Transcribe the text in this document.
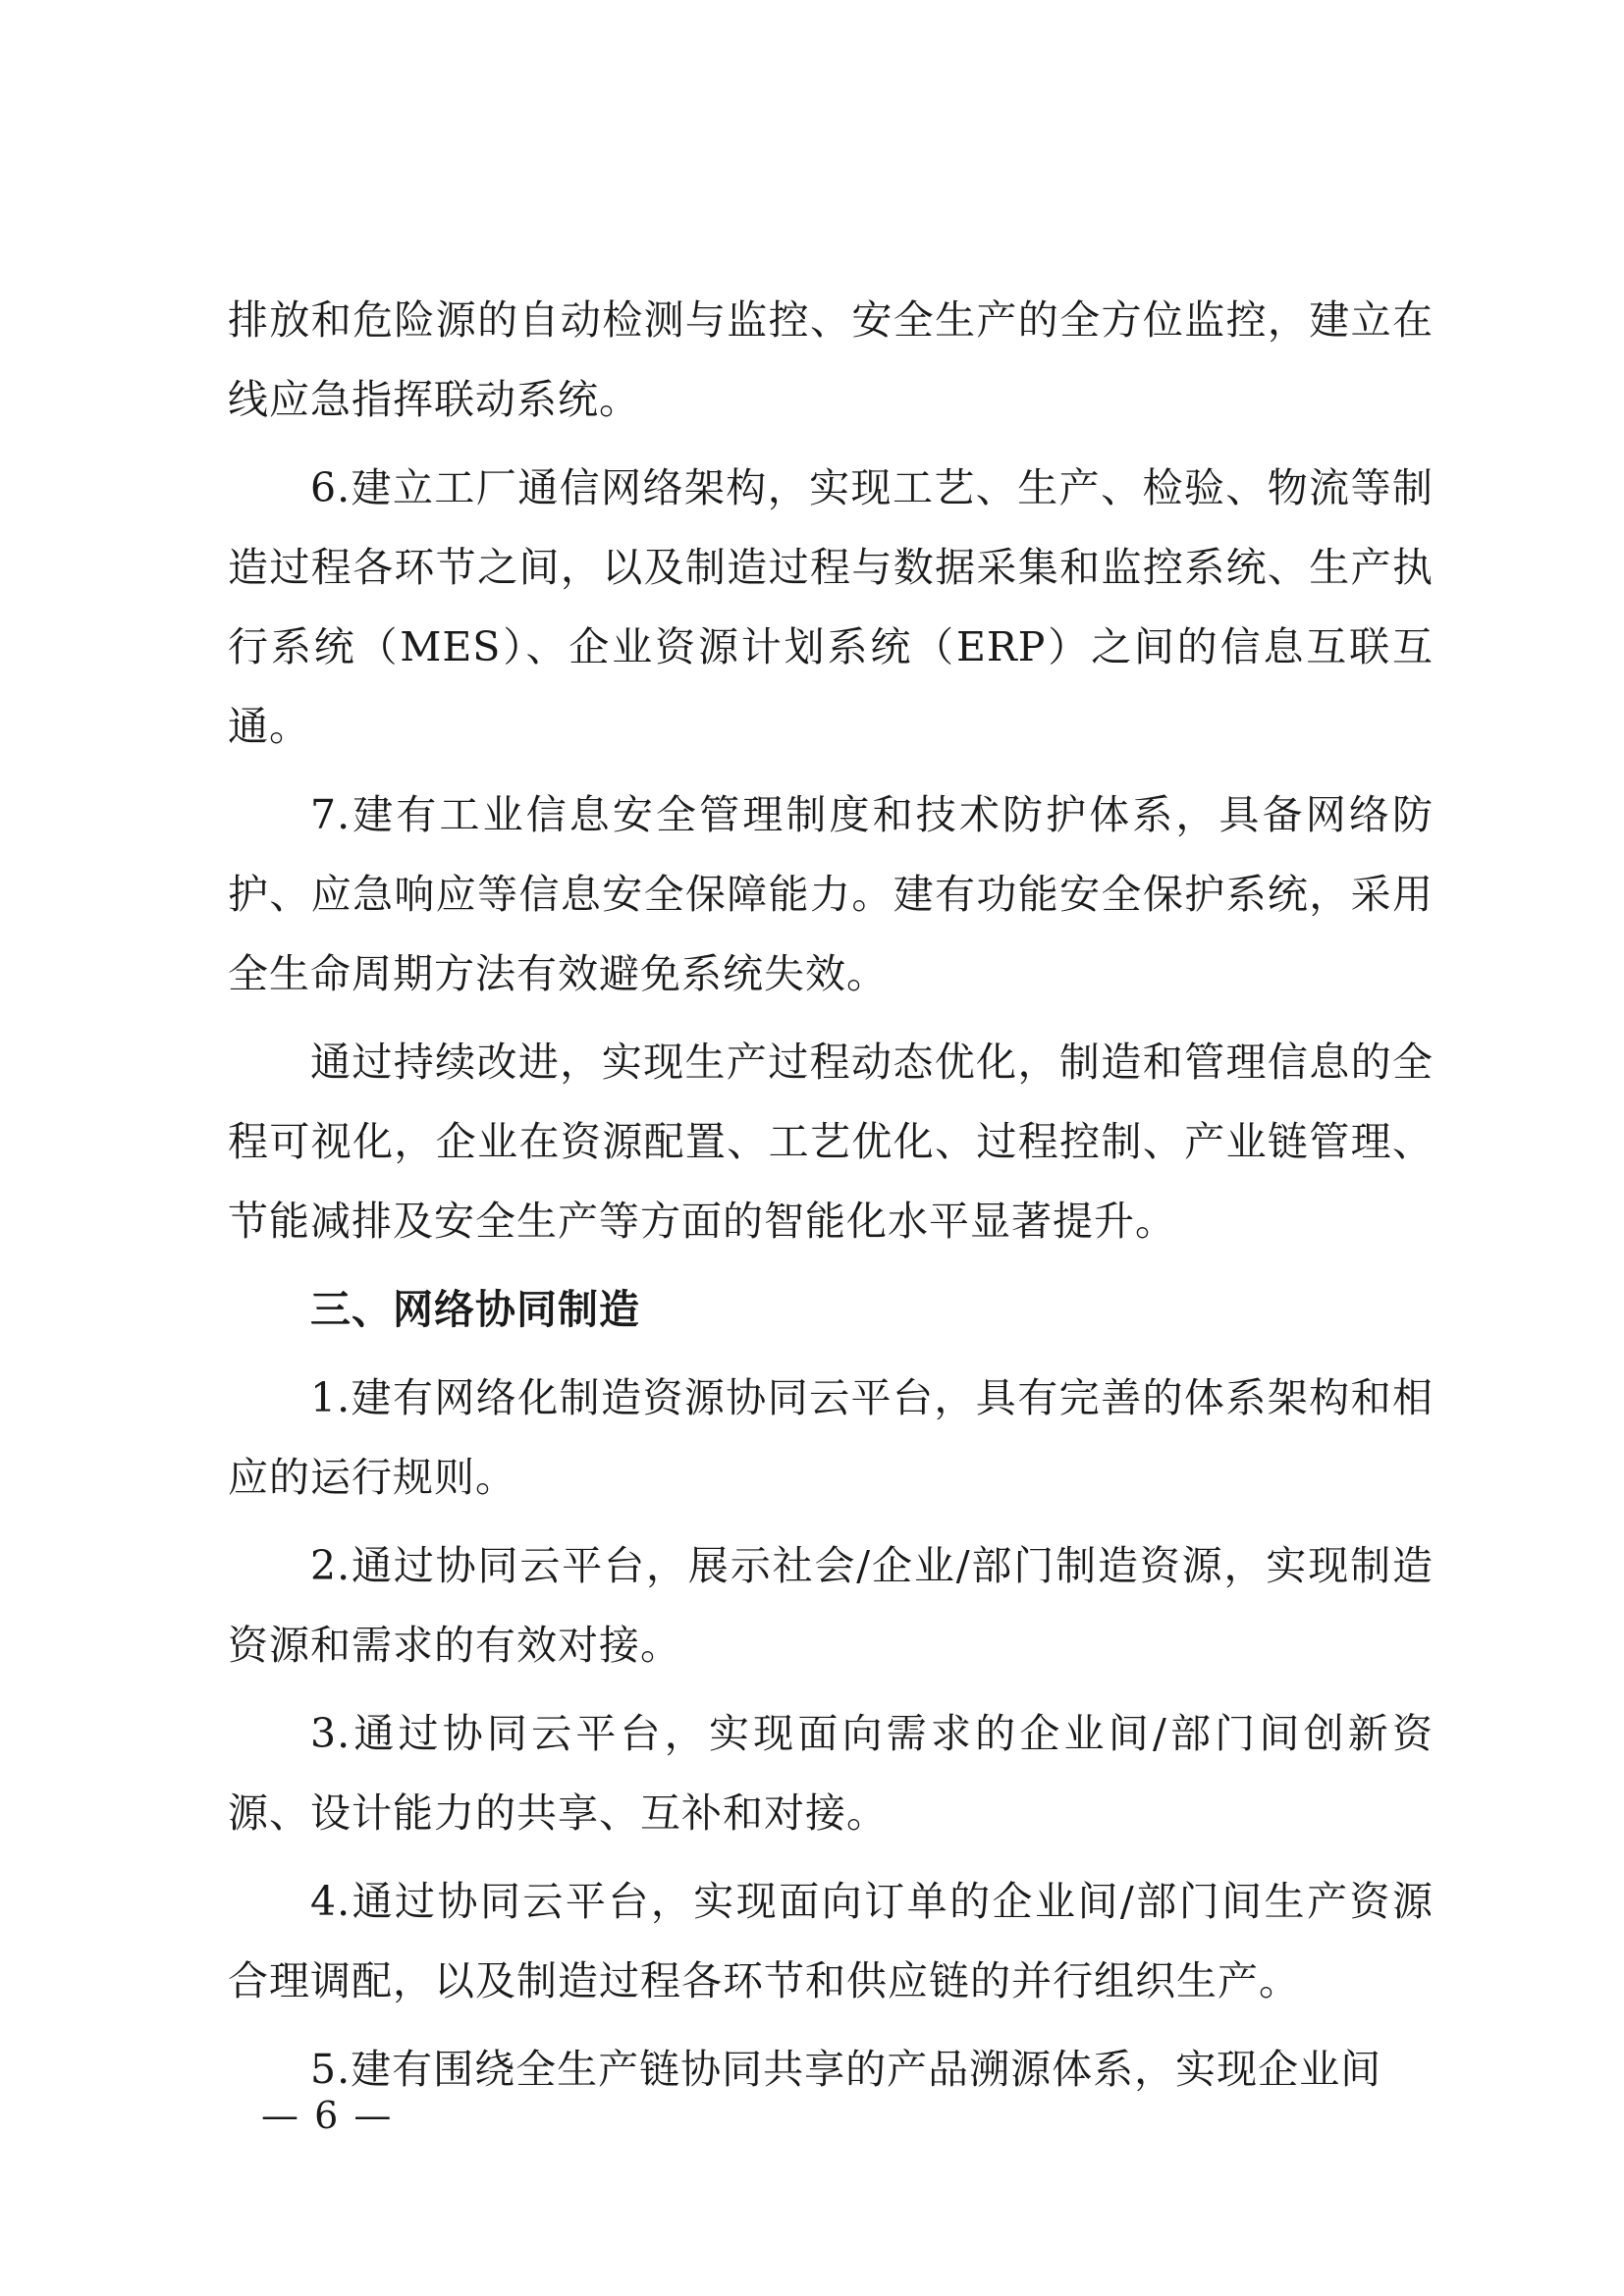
排放和危险源的自动检测与监控、安全生产的全方位监控，建立在线应急指挥联动系统。

6.建立工厂通信网络架构，实现工艺、生产、检验、物流等制造过程各环节之间，以及制造过程与数据采集和监控系统、生产执行系统（MES）、企业资源计划系统（ERP）之间的信息互联互通。

7.建有工业信息安全管理制度和技术防护体系，具备网络防护、应急响应等信息安全保障能力。建有功能安全保护系统，采用全生命周期方法有效避免系统失效。

通过持续改进，实现生产过程动态优化，制造和管理信息的全程可视化，企业在资源配置、工艺优化、过程控制、产业链管理、节能减排及安全生产等方面的智能化水平显著提升。

三、网络协同制造

1.建有网络化制造资源协同云平台，具有完善的体系架构和相应的运行规则。

2.通过协同云平台，展示社会/企业/部门制造资源，实现制造资源和需求的有效对接。

3.通过协同云平台，实现面向需求的企业间/部门间创新资源、设计能力的共享、互补和对接。

4.通过协同云平台，实现面向订单的企业间/部门间生产资源合理调配，以及制造过程各环节和供应链的并行组织生产。

5.建有围绕全生产链协同共享的产品溯源体系，实现企业间

— 6 —
